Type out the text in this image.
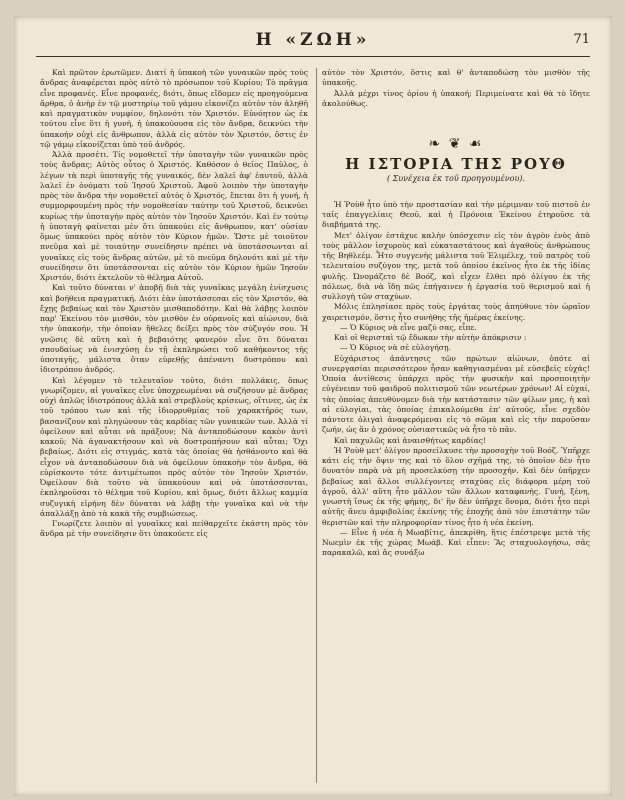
Η «ΖΩΗ»	71

Καὶ πρῶτον ἐρωτῶμεν. Διατί ἡ ὑπακοὴ τῶν γυναικῶν πρὸς τοὺς ἄνδρας ἀναφέρεται πρὸς αὐτὸ τὸ πρόσωπον τοῦ Κυρίου; Τὸ πρᾶγμα εἶνε προφανές. Εἶνε προφανές, διότι, ὅπως εἴδομεν εἰς προηγούμενα ἄρθρα, ὁ ἀνὴρ ἐν τῷ μυστηρίῳ τοῦ γάμου εἰκονίζει αὐτὸν τὸν ἀληθῆ καὶ πραγματικὸν νυμφίον, δηλονότι τὸν Χριστόν. Εὐνόητον ὡς ἐκ τούτου εἶνε ὅτι ἡ γυνή, ἡ ὑπακούουσα εἰς τὸν ἄνδρα, δεικνύει τὴν ὑπακοήν οὐχὶ εἰς ἄνθρωπον, ἀλλὰ εἰς αὐτὸν τὸν Χριστόν, ὅστις ἐν τῷ γάμῳ εἰκονίζεται ὑπὸ τοῦ ἀνδρός.

Ἀλλὰ προσέτι. Τίς νομοθετεῖ τὴν ὑποταγὴν τῶν γυναικῶν πρὸς τοὺς ἄνδρας; Αὐτὸς οὗτος ὁ Χριστός. Καθόσον ὁ θεῖος Παῦλος, ὁ λέγων τὰ περὶ ὑποταγῆς τῆς γυναικός, δὲν λαλεῖ ἀφ' ἑαυτοῦ, ἀλλὰ λαλεῖ ἐν ὀνόματι τοῦ Ἰησοῦ Χριστοῦ. Ἀφοῦ λοιπὸν τὴν ὑποταγὴν πρὸς τὸν ἄνδρα τὴν νομοθετεῖ αὐτὸς ὁ Χριστός, ἔπεται ὅτι ἡ γυνή, ἡ συμμορφουμένη πρὸς τὴν νομοθεσίαν ταύτην τοῦ Χριστοῦ, δεικνύει κυρίως τὴν ὑποταγὴν πρὸς αὐτὸν τὸν Ἰησοῦν Χριστόν. Καὶ ἐν τούτῳ ἡ ὑποταγὴ φαίνεται μὲν ὅτι ὑπακούει εἰς ἄνθρωπον, κατ' οὐσίαν ὅμως ὑπακούει πρὸς αὐτὸν τὸν Κύριον ἡμῶν. Ὥστε μὲ τοιοῦτον πνεῦμα καὶ μὲ τοιαύτην συνείδησιν πρέπει νὰ ὑποτάσσωνται αἱ γυναῖκες εἰς τοὺς ἄνδρας αὐτῶν, μὲ τὸ πνεῦμα δηλονότι καὶ μὲ τὴν συνείδησιν ὅτι ὑποτάσσονται εἰς αὐτὸν τὸν Κύριον ἡμῶν Ἰησοῦν Χριστόν, διότι ἐκτελοῦν τὸ θέλημα Αὐτοῦ.

Καὶ τοῦτο δύναται ν' ἀποβῇ διὰ τὰς γυναῖκας μεγάλη ἐνίσχυσις καὶ βοήθεια πραγματική. Διότι ἐὰν ὑποτάσσεσαι εἰς τὸν Χριστόν, θὰ ἔχῃς βεβαίως καὶ τὸν Χριστὸν μισθαποδότην. Καὶ θὰ λάβῃς λοιπὸν παρ' Ἐκείνου τὸν μισθόν, τὸν μισθὸν ἐν οὐρανοῖς καὶ αἰώνιον, διὰ τὴν ὑπακοήν, τὴν ὁποίαν ἤθελες δείξει πρὸς τὸν σύζυγόν σου. Ἡ γνῶσις δὲ αὕτη καὶ ἡ βεβαιότης φανερὸν εἶνε ὅτι δύναται σπουδαίως νὰ ἐνισχύσῃ ἐν τῇ ἐκπληρώσει τοῦ καθήκοντος τῆς ὑποταγῆς, μάλιστα ὅταν εὑρεθῇς ἀπέναντι δυστρόπου καὶ ἰδιοτρόπου ἀνδρός.

Καὶ λέγομεν τὸ τελευταῖον τοῦτο, διότι πολλάκις, ὅπως γνωρίζομεν, αἱ γυναῖκες εἶνε ὑποχρεωμέναι νὰ συζήσουν μὲ ἄνδρας οὐχὶ ἁπλῶς ἰδιοτρόπους ἀλλὰ καὶ στρεβλοὺς κρίσεως, οἵτινες, ὡς ἐκ τοῦ τρόπου των καὶ τῆς ἰδιορρυθμίας τοῦ χαρακτῆρός των, βασανίζουν καὶ πληγώνουν τὰς καρδίας τῶν γυναικῶν των. Ἀλλὰ τί ὀφείλουν καὶ αὗται νὰ πράξουν; Νὰ ἀνταποδώσουν κακὸν ἀντὶ κακοῦ; Νὰ ἀγανακτήσουν καὶ νὰ δυστροπήσουν καὶ αὗται; Ὄχι βεβαίως. Διότι εἰς στιγμάς, κατὰ τὰς ὁποίας θὰ ἠσθάνοντο καὶ θὰ εἶχον νὰ ἀνταποδώσουν διὰ νὰ ὀφείλουν ὑπακοὴν τὸν ἄνδρα, θὰ εὑρίσκοντο τότε ἀντιμέτωποι πρὸς αὐτὸν τὸν Ἰησοῦν Χριστόν. Ὀφείλουν διὰ τοῦτο νὰ ὑπακούουν καὶ νὰ ὑποτάσσονται, ἐκπληροῦσαι τὸ θέλημα τοῦ Κυρίου, καὶ ὅμως, διότι ἄλλως καμμία συζυγικὴ εἰρήνη δὲν δύναται νὰ λάβῃ τὴν γυναῖκα καὶ νὰ τὴν ἀπαλλάξῃ ἀπὸ τὰ κακὰ τῆς συμβιώσεως.

Γνωρίζετε λοιπὸν αἱ γυναῖκες καὶ πείθαρχεῖτε ἑκάστη πρὸς τὸν ἄνδρα μὲ τὴν συνείδησιν ὅτι ὑπακούετε εἰς

αὐτὸν τὸν Χριστόν, ὅστις καὶ θ' ἀνταποδώσῃ τὸν μισθὸν τῆς ὑπακοῆς.

Ἀλλὰ μέχρι τίνος ὁρίου ἡ ὑπακοή; Περιμείνατε καὶ θὰ τὸ ἴδητε ἀκολούθως.

❧ ❦ ☙
Η ΙΣΤΟΡΙΑ ΤΗΣ ΡΟΥΘ
( Συνέχεια ἐκ τοῦ προηγουμένου).

Ἡ Ῥοὺθ ἦτο ὑπὸ τὴν προστασίαν καὶ τὴν μέριμναν τοῦ πιστοῦ ἐν ταῖς ἐπαγγελίαις Θεοῦ, καὶ ἡ Πρόνοια Ἐκείνου ἐτηροῦσε τὰ διαβήματά της.

Μετ' ὀλίγον ἐστάχυε καλὴν ὑπόσχεσιν εἰς τὸν ἀγρὸν ἑνὸς ἀπὸ τοὺς μᾶλλον ἰσχυροὺς καὶ εὐκαταστάτους καὶ ἀγαθοὺς ἀνθρώπους τῆς Βηθλεέμ. Ἦτο συγγενὴς μάλιστα τοῦ Ἐλιμέλεχ, τοῦ πατρὸς τοῦ τελευταίου συζύγου της, μετὰ τοῦ ὁποίου ἐκεῖνος ἦτο ἐκ τῆς ἰδίας φυλῆς. Ὠνομάζετο δὲ Βοόζ, καὶ εἶχεν ἔλθει πρὸ ὀλίγου ἐκ τῆς πόλεως, διὰ νὰ ἴδῃ πῶς ἐπήγαινεν ἡ ἐργασία τοῦ θερισμοῦ καὶ ἡ συλλογὴ τῶν σταχύων.

Μόλις ἐπλησίασε πρὸς τοὺς ἐργάτας τοὺς ἀπηύθυνε τὸν ὡραῖον χαιρετισμόν, ὅστις ἦτο συνήθης τῆς ἡμέρας ἐκείνης.

— Ὁ Κύριος νὰ εἶνε μαζύ σας, εἶπε.

Καὶ οἱ θερισταὶ τῷ ἔδωκαν τὴν αὐτὴν ἀπόκρισιν :

— Ὁ Κύριος νὰ σὲ εὐλογήσῃ.

Εὐχάριστος ἀπάντησις τῶν πρώτων αἰώνων, ὁπότε αἱ συνεργασίαι περισσότερον ἦσαν καθηγιασμέναι μὲ εὐσεβεῖς εὐχάς! Ὁποία ἀντίθεσις ὑπάρχει πρὸς τὴν φυσικὴν καὶ προσποιητὴν εὐγένειαν τοῦ φαιδροῦ πολιτισμοῦ τῶν νεωτέρων χρόνων! Αἱ εὐχαί, τὰς ὁποίας ἀπευθύνομεν διὰ τὴν κατάστασιν τῶν φίλων μας, ἡ καὶ αἱ εὐλογίαι, τὰς ὁποίας ἐπικαλούμεθα ἐπ' αὐτούς, εἶνε σχεδὸν πάντοτε ὀλιγαὶ ἀναφερόμεναι εἰς τὸ σῶμα καὶ εἰς τὴν παροῦσαν ζωήν, ὡς ἂν ὁ χρόνος οὐσιαστικῶς νὰ ἦτο τὸ πᾶν.

Καὶ παχυλῶς καὶ ἀναισθήτως καρδίας!

Ἡ Ῥοὺθ μετ' ὀλίγον προσείλκυσε τὴν προσοχὴν τοῦ Βοόζ. Ὑπῆρχε κάτι εἰς τὴν ὄψιν της καὶ τὸ ὅλον σχῆμά της, τὸ ὁποῖον δὲν ἦτο δυνατὸν παρὰ νὰ μὴ προσελκύσῃ τὴν προσοχήν. Καὶ δὲν ὑπῆρχεν βεβαίως καὶ ἄλλοι συλλέγοντες σταχύας εἰς διάφορα μέρη τοῦ ἀγροῦ, ἀλλ' αὕτη ἦτο μᾶλλον τῶν ἄλλων καταφανής. Γυνή, ξένη, γνωστὴ ἴσως ἐκ τῆς φήμης, δι' ἣν δὲν ὑπῆρχε ὄνομα, διότι ἦτο περὶ αὐτῆς ἄνευ ἀμφιβολίας ἐκείνης τῆς ἐποχῆς ἀπὸ τὸν ἐπιστάτην τῶν θεριστῶν καὶ τὴν πληροφορίαν τίνος ἦτο ἡ νέα ἐκείνη.

— Εἶνε ἡ νέα ἡ Μωαβῖτις, ἀπεκρίθη, ἥτις ἐπέστρεψε μετὰ τῆς Νωεμὶν ἐκ τῆς χώρας Μωάβ. Καὶ εἶπεν: Ἂς σταχυολογήσω, σᾶς παρακαλῶ, καὶ ἂς συνάξω
